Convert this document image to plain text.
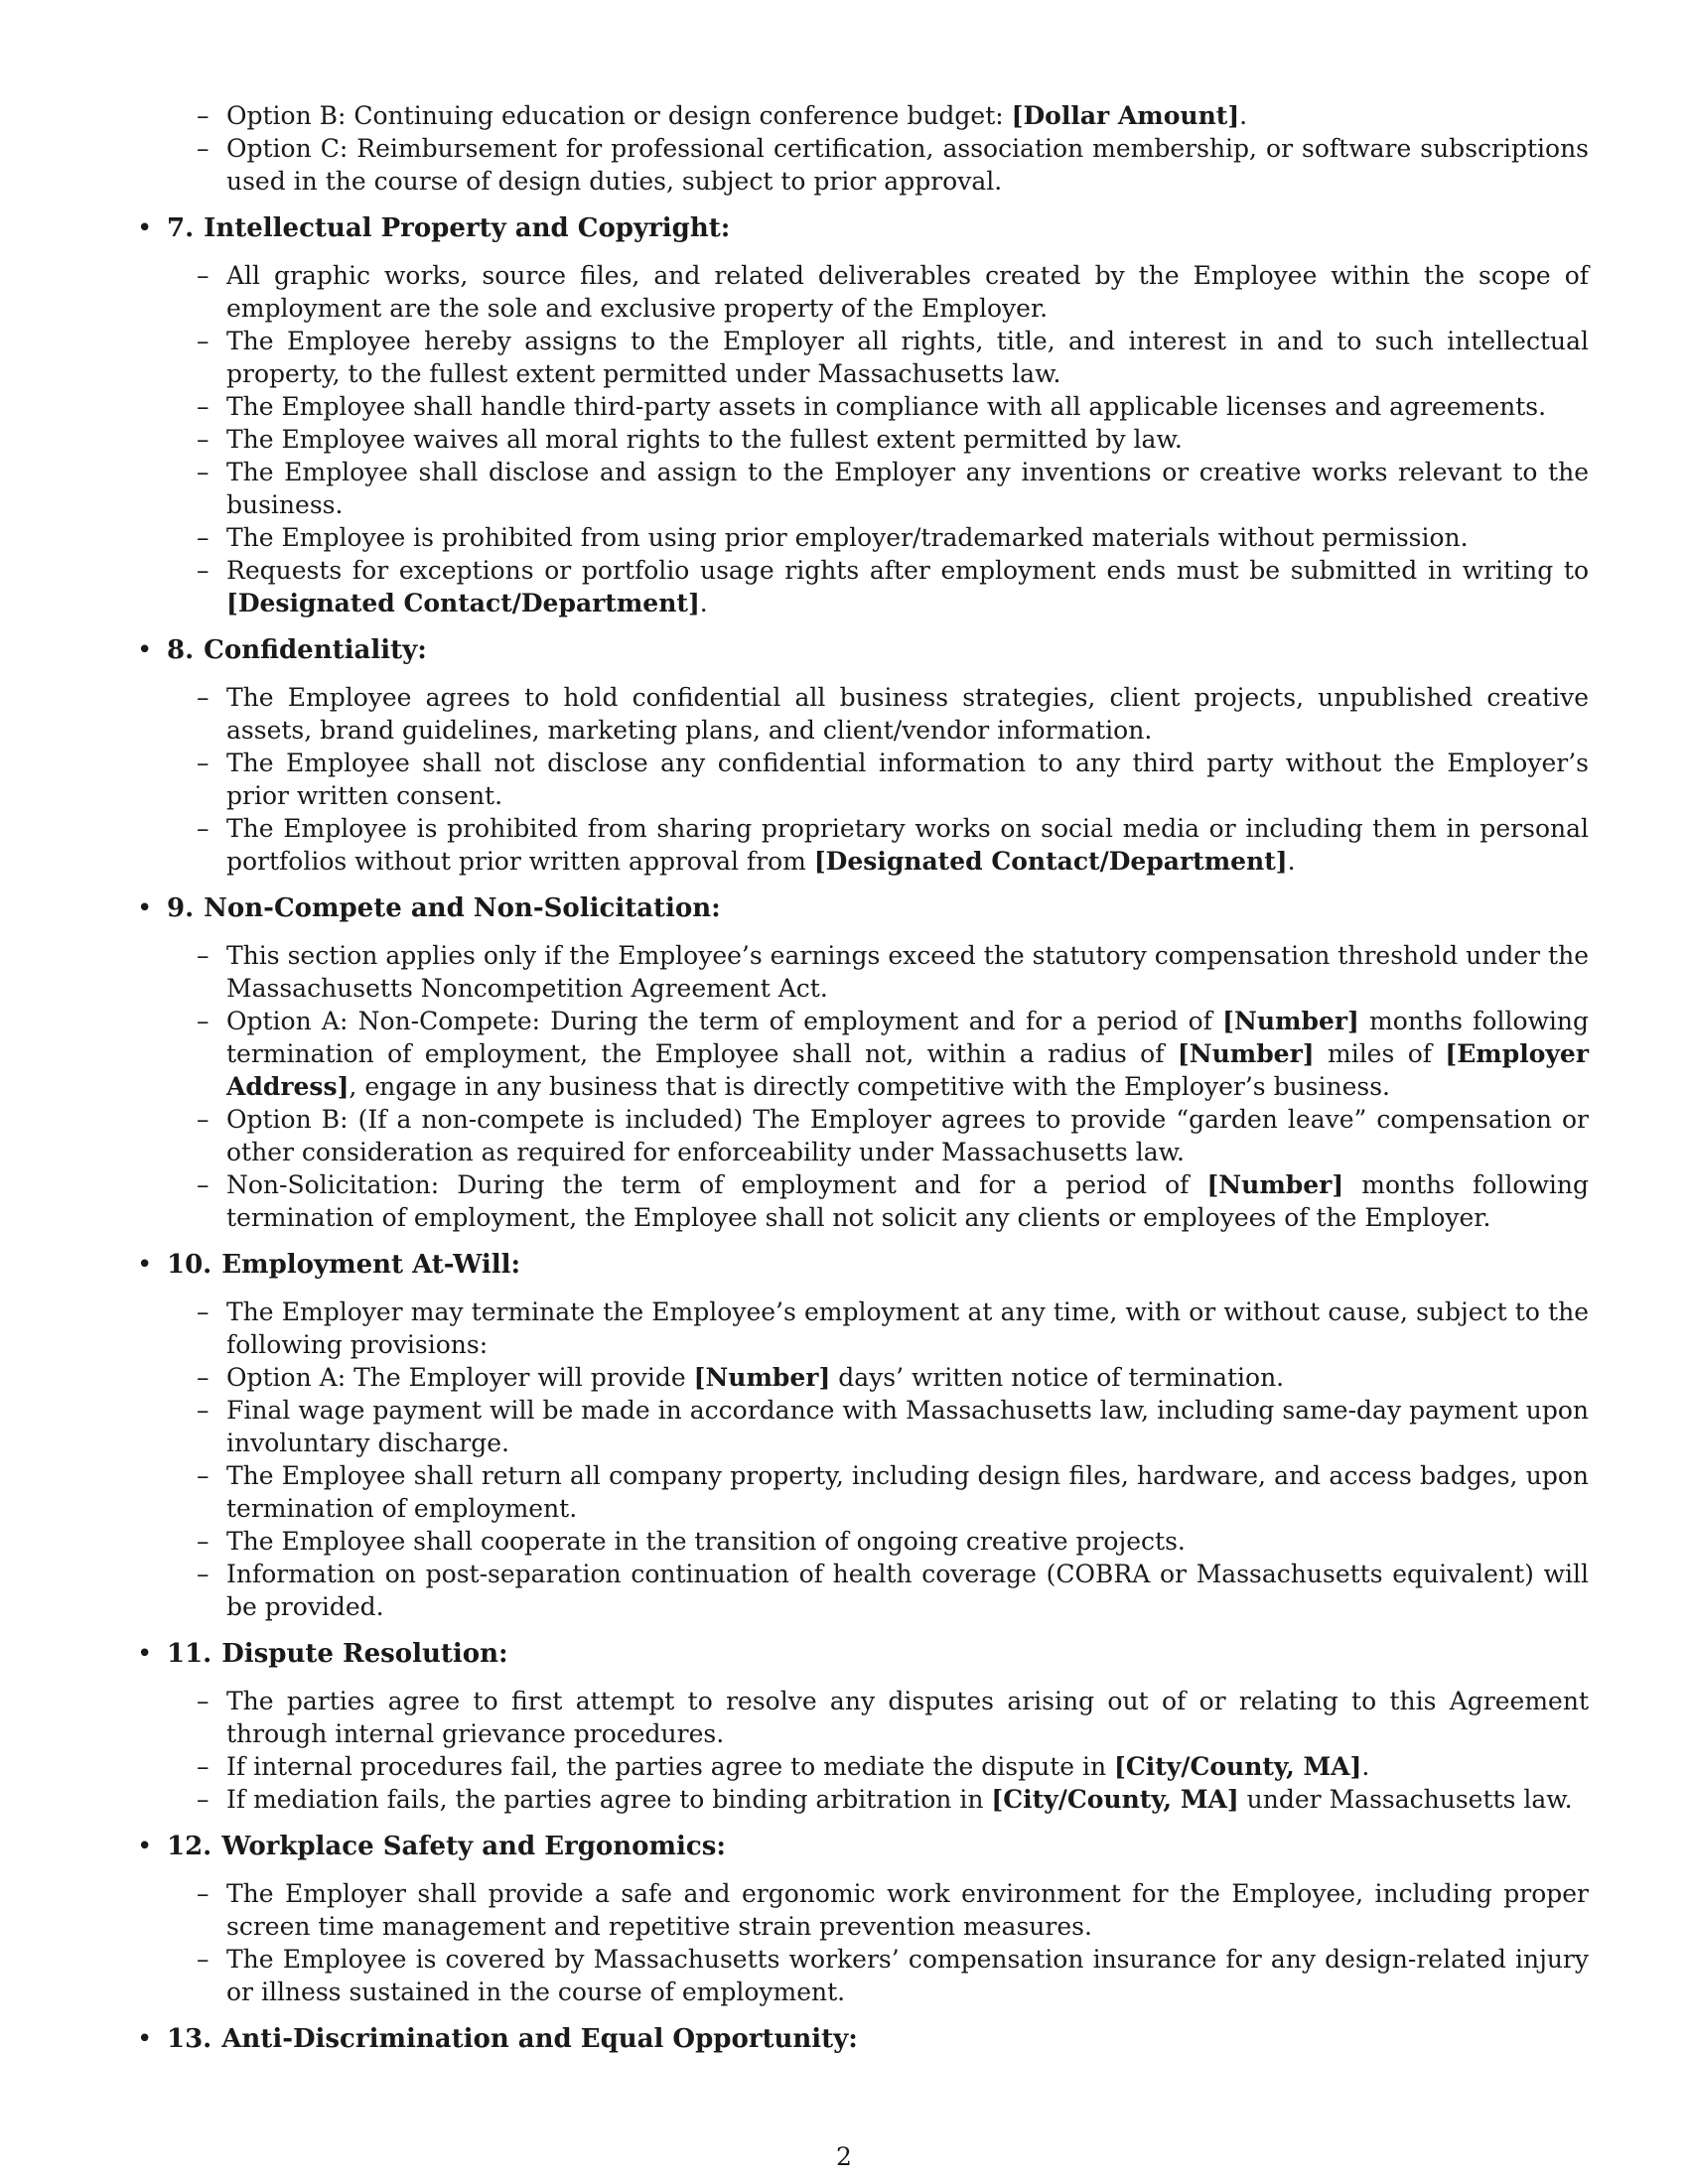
– Option B: Continuing education or design conference budget: [Dollar Amount].
– Option C: Reimbursement for professional certification, association membership, or software subscriptions used in the course of design duties, subject to prior approval.
• 7. Intellectual Property and Copyright:
– All graphic works, source files, and related deliverables created by the Employee within the scope of employment are the sole and exclusive property of the Employer.
– The Employee hereby assigns to the Employer all rights, title, and interest in and to such intellectual property, to the fullest extent permitted under Massachusetts law.
– The Employee shall handle third-party assets in compliance with all applicable licenses and agreements.
– The Employee waives all moral rights to the fullest extent permitted by law.
– The Employee shall disclose and assign to the Employer any inventions or creative works relevant to the business.
– The Employee is prohibited from using prior employer/trademarked materials without permission.
– Requests for exceptions or portfolio usage rights after employment ends must be submitted in writing to [Designated Contact/Department].
• 8. Confidentiality:
– The Employee agrees to hold confidential all business strategies, client projects, unpublished creative assets, brand guidelines, marketing plans, and client/vendor information.
– The Employee shall not disclose any confidential information to any third party without the Employer’s prior written consent.
– The Employee is prohibited from sharing proprietary works on social media or including them in personal portfolios without prior written approval from [Designated Contact/Department].
• 9. Non-Compete and Non-Solicitation:
– This section applies only if the Employee’s earnings exceed the statutory compensation threshold under the Massachusetts Noncompetition Agreement Act.
– Option A: Non-Compete: During the term of employment and for a period of [Number] months following termination of employment, the Employee shall not, within a radius of [Number] miles of [Employer Address], engage in any business that is directly competitive with the Employer’s business.
– Option B: (If a non-compete is included) The Employer agrees to provide “garden leave” compensation or other consideration as required for enforceability under Massachusetts law.
– Non-Solicitation: During the term of employment and for a period of [Number] months following termination of employment, the Employee shall not solicit any clients or employees of the Employer.
• 10. Employment At-Will:
– The Employer may terminate the Employee’s employment at any time, with or without cause, subject to the following provisions:
– Option A: The Employer will provide [Number] days’ written notice of termination.
– Final wage payment will be made in accordance with Massachusetts law, including same-day payment upon involuntary discharge.
– The Employee shall return all company property, including design files, hardware, and access badges, upon termination of employment.
– The Employee shall cooperate in the transition of ongoing creative projects.
– Information on post-separation continuation of health coverage (COBRA or Massachusetts equivalent) will be provided.
• 11. Dispute Resolution:
– The parties agree to first attempt to resolve any disputes arising out of or relating to this Agreement through internal grievance procedures.
– If internal procedures fail, the parties agree to mediate the dispute in [City/County, MA].
– If mediation fails, the parties agree to binding arbitration in [City/County, MA] under Massachusetts law.
• 12. Workplace Safety and Ergonomics:
– The Employer shall provide a safe and ergonomic work environment for the Employee, including proper screen time management and repetitive strain prevention measures.
– The Employee is covered by Massachusetts workers’ compensation insurance for any design-related injury or illness sustained in the course of employment.
• 13. Anti-Discrimination and Equal Opportunity:
2
